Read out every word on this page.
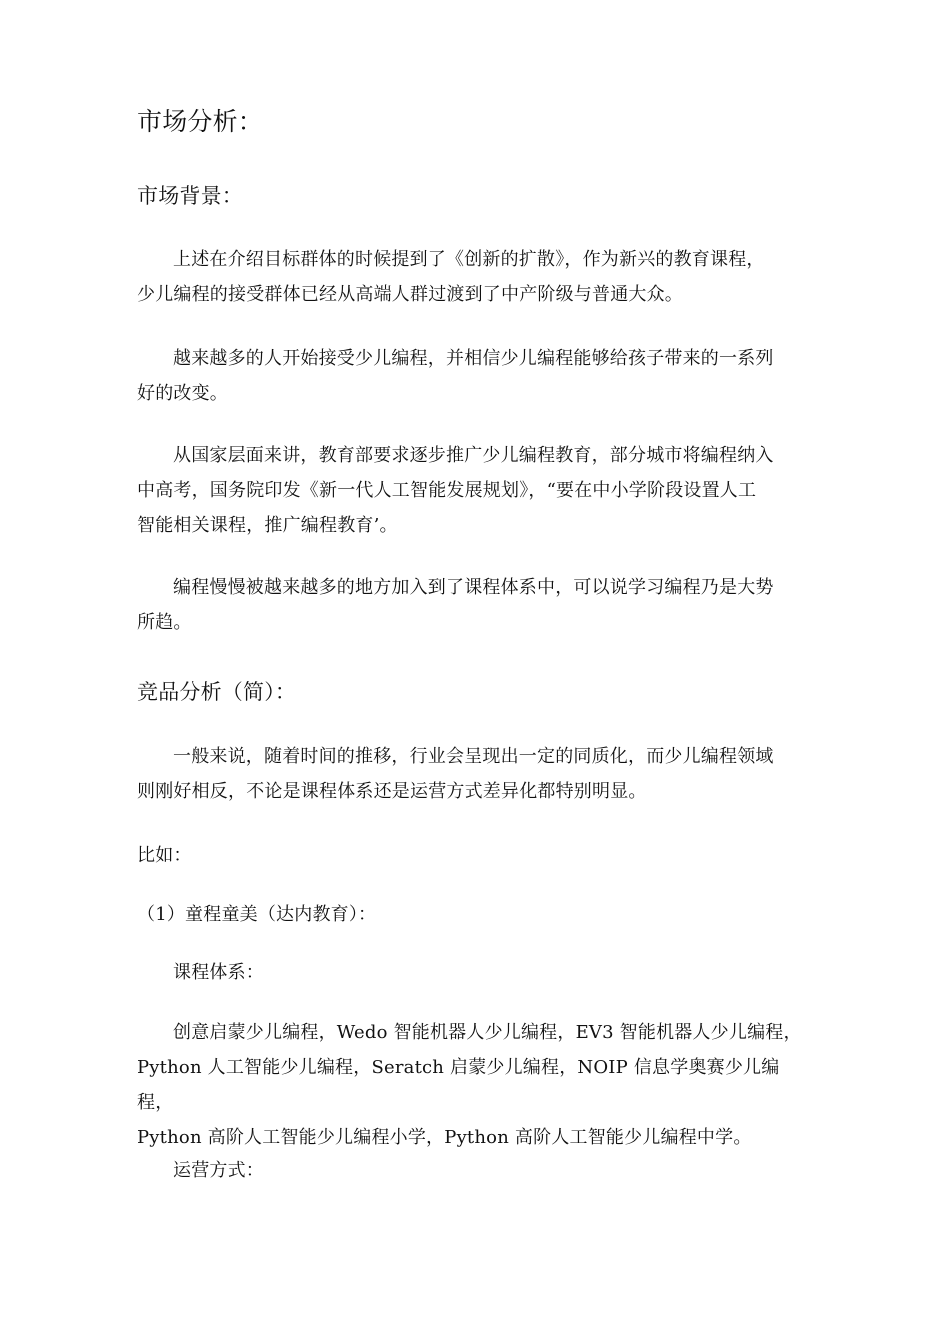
市场分析：
市场背景：
上述在介绍目标群体的时候提到了《创新的扩散》，作为新兴的教育课程，
少儿编程的接受群体已经从高端人群过渡到了中产阶级与普通大众。
越来越多的人开始接受少儿编程，并相信少儿编程能够给孩子带来的一系列
好的改变。
从国家层面来讲，教育部要求逐步推广少儿编程教育，部分城市将编程纳入
中高考，国务院印发《新一代人工智能发展规划》，“要在中小学阶段设置人工
智能相关课程，推广编程教育’。
编程慢慢被越来越多的地方加入到了课程体系中，可以说学习编程乃是大势
所趋。
竞品分析（简）：
一般来说，随着时间的推移，行业会呈现出一定的同质化，而少儿编程领域
则刚好相反，不论是课程体系还是运营方式差异化都特别明显。
比如：
（1）童程童美（达内教育）：
课程体系：
创意启蒙少儿编程，Wedo 智能机器人少儿编程，EV3 智能机器人少儿编程，
Python 人工智能少儿编程，Seratch 启蒙少儿编程，NOIP 信息学奥赛少儿编程，
Python 高阶人工智能少儿编程小学，Python 高阶人工智能少儿编程中学。
运营方式：
